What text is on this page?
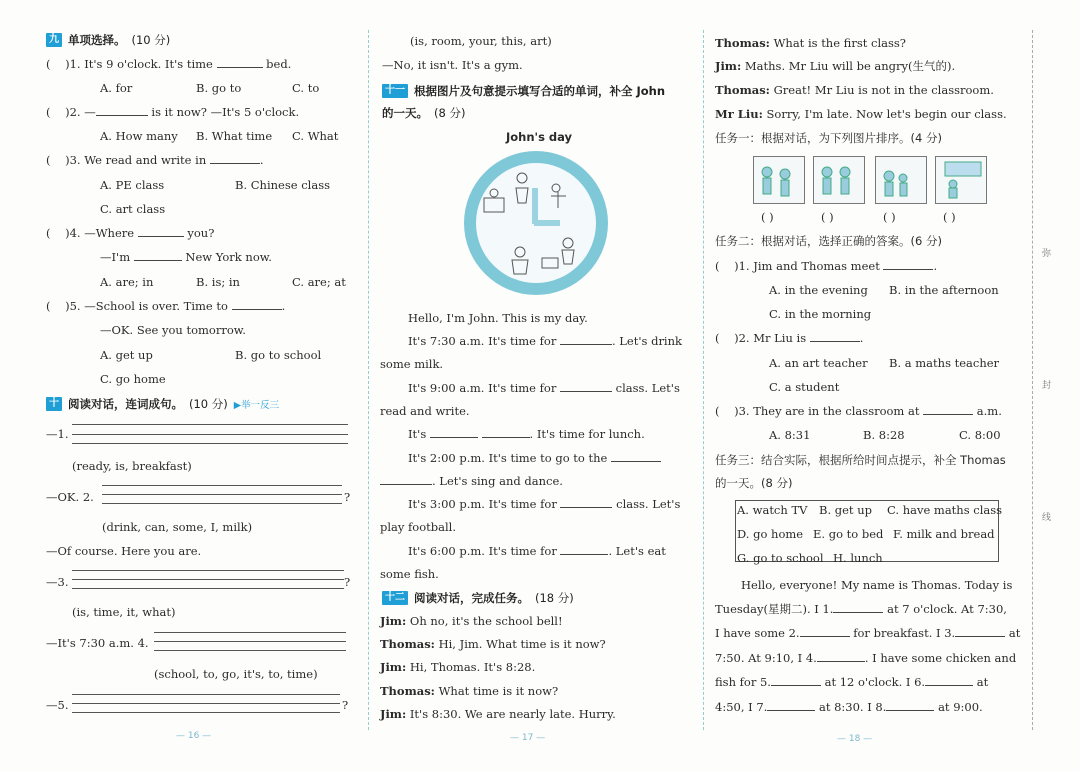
九 单项选择。 (10 分)
(    )1. It's 9 o'clock. It's time	bed.
A. for	B. go to	C. to
(    )2. —	is it now? —It's 5 o'clock.
A. How many B. What time C. What
(    )3. We read and write in	.
A. PE class	B. Chinese class
C. art class
(    )4. —Where	you?
—I'm	New York now.
A. are; in	B. is; in	C. are; at
(    )5. —School is over. Time to	.
—OK. See you tomorrow.
A. get up	B. go to school
C. go home
十 阅读对话，连词成句。 (10 分) ▶举一反三
—1.
(ready, is, breakfast)
—OK. 2.	?
(drink, can, some, I, milk)
—Of course. Here you are.
—3.	?
(is, time, it, what)
—It's 7:30 a.m. 4.
(school, to, go, it's, to, time)
—5.	?
— 16 —
(is, room, your, this, art)
—No, it isn't. It's a gym.
十一 根据图片及句意提示填写合适的单词，补全 John
的一天。 (8 分)
John's day
Hello, I'm John. This is my day.
It's 7:30 a.m. It's time for	. Let's drink
some milk.
It's 9:00 a.m. It's time for	class. Let's
read and write.
It's	. It's time for lunch.
It's 2:00 p.m. It's time to go to the
. Let's sing and dance.
It's 3:00 p.m. It's time for	class. Let's
play football.
It's 6:00 p.m. It's time for	. Let's eat
some fish.
十二 阅读对话，完成任务。 (18 分)
Jim: Oh no, it's the school bell!
Thomas: Hi, Jim. What time is it now?
Jim: Hi, Thomas. It's 8:28.
Thomas: What time is it now?
Jim: It's 8:30. We are nearly late. Hurry.
— 17 —
Thomas: What is the first class?
Jim: Maths. Mr Liu will be angry(生气的).
Thomas: Great! Mr Liu is not in the classroom.
Mr Liu: Sorry, I'm late. Now let's begin our class.
任务一：根据对话，为下列图片排序。(4 分)
( )	( )	( )	( )
任务二：根据对话，选择正确的答案。(6 分)
(    )1. Jim and Thomas meet	.
A. in the evening B. in the afternoon
C. in the morning
(    )2. Mr Liu is	.
A. an art teacher B. a maths teacher
C. a student
(    )3. They are in the classroom at	a.m.
A. 8:31	B. 8:28	C. 8:00
任务三：结合实际，根据所给时间点提示，补全 Thomas
的一天。(8 分)
A. watch TV B. get up C. have maths class
D. go home E. go to bed F. milk and bread
G. go to school H. lunch
Hello, everyone! My name is Thomas. Today is
Tuesday(星期二). I 1.	at 7 o'clock. At 7:30,
I have some 2.	for breakfast. I 3.	at
7:50. At 9:10, I 4.	. I have some chicken and
fish for 5.	at 12 o'clock. I 6.	at
4:50, I 7.	at 8:30. I 8.	at 9:00.
— 18 —
弥
封
线
